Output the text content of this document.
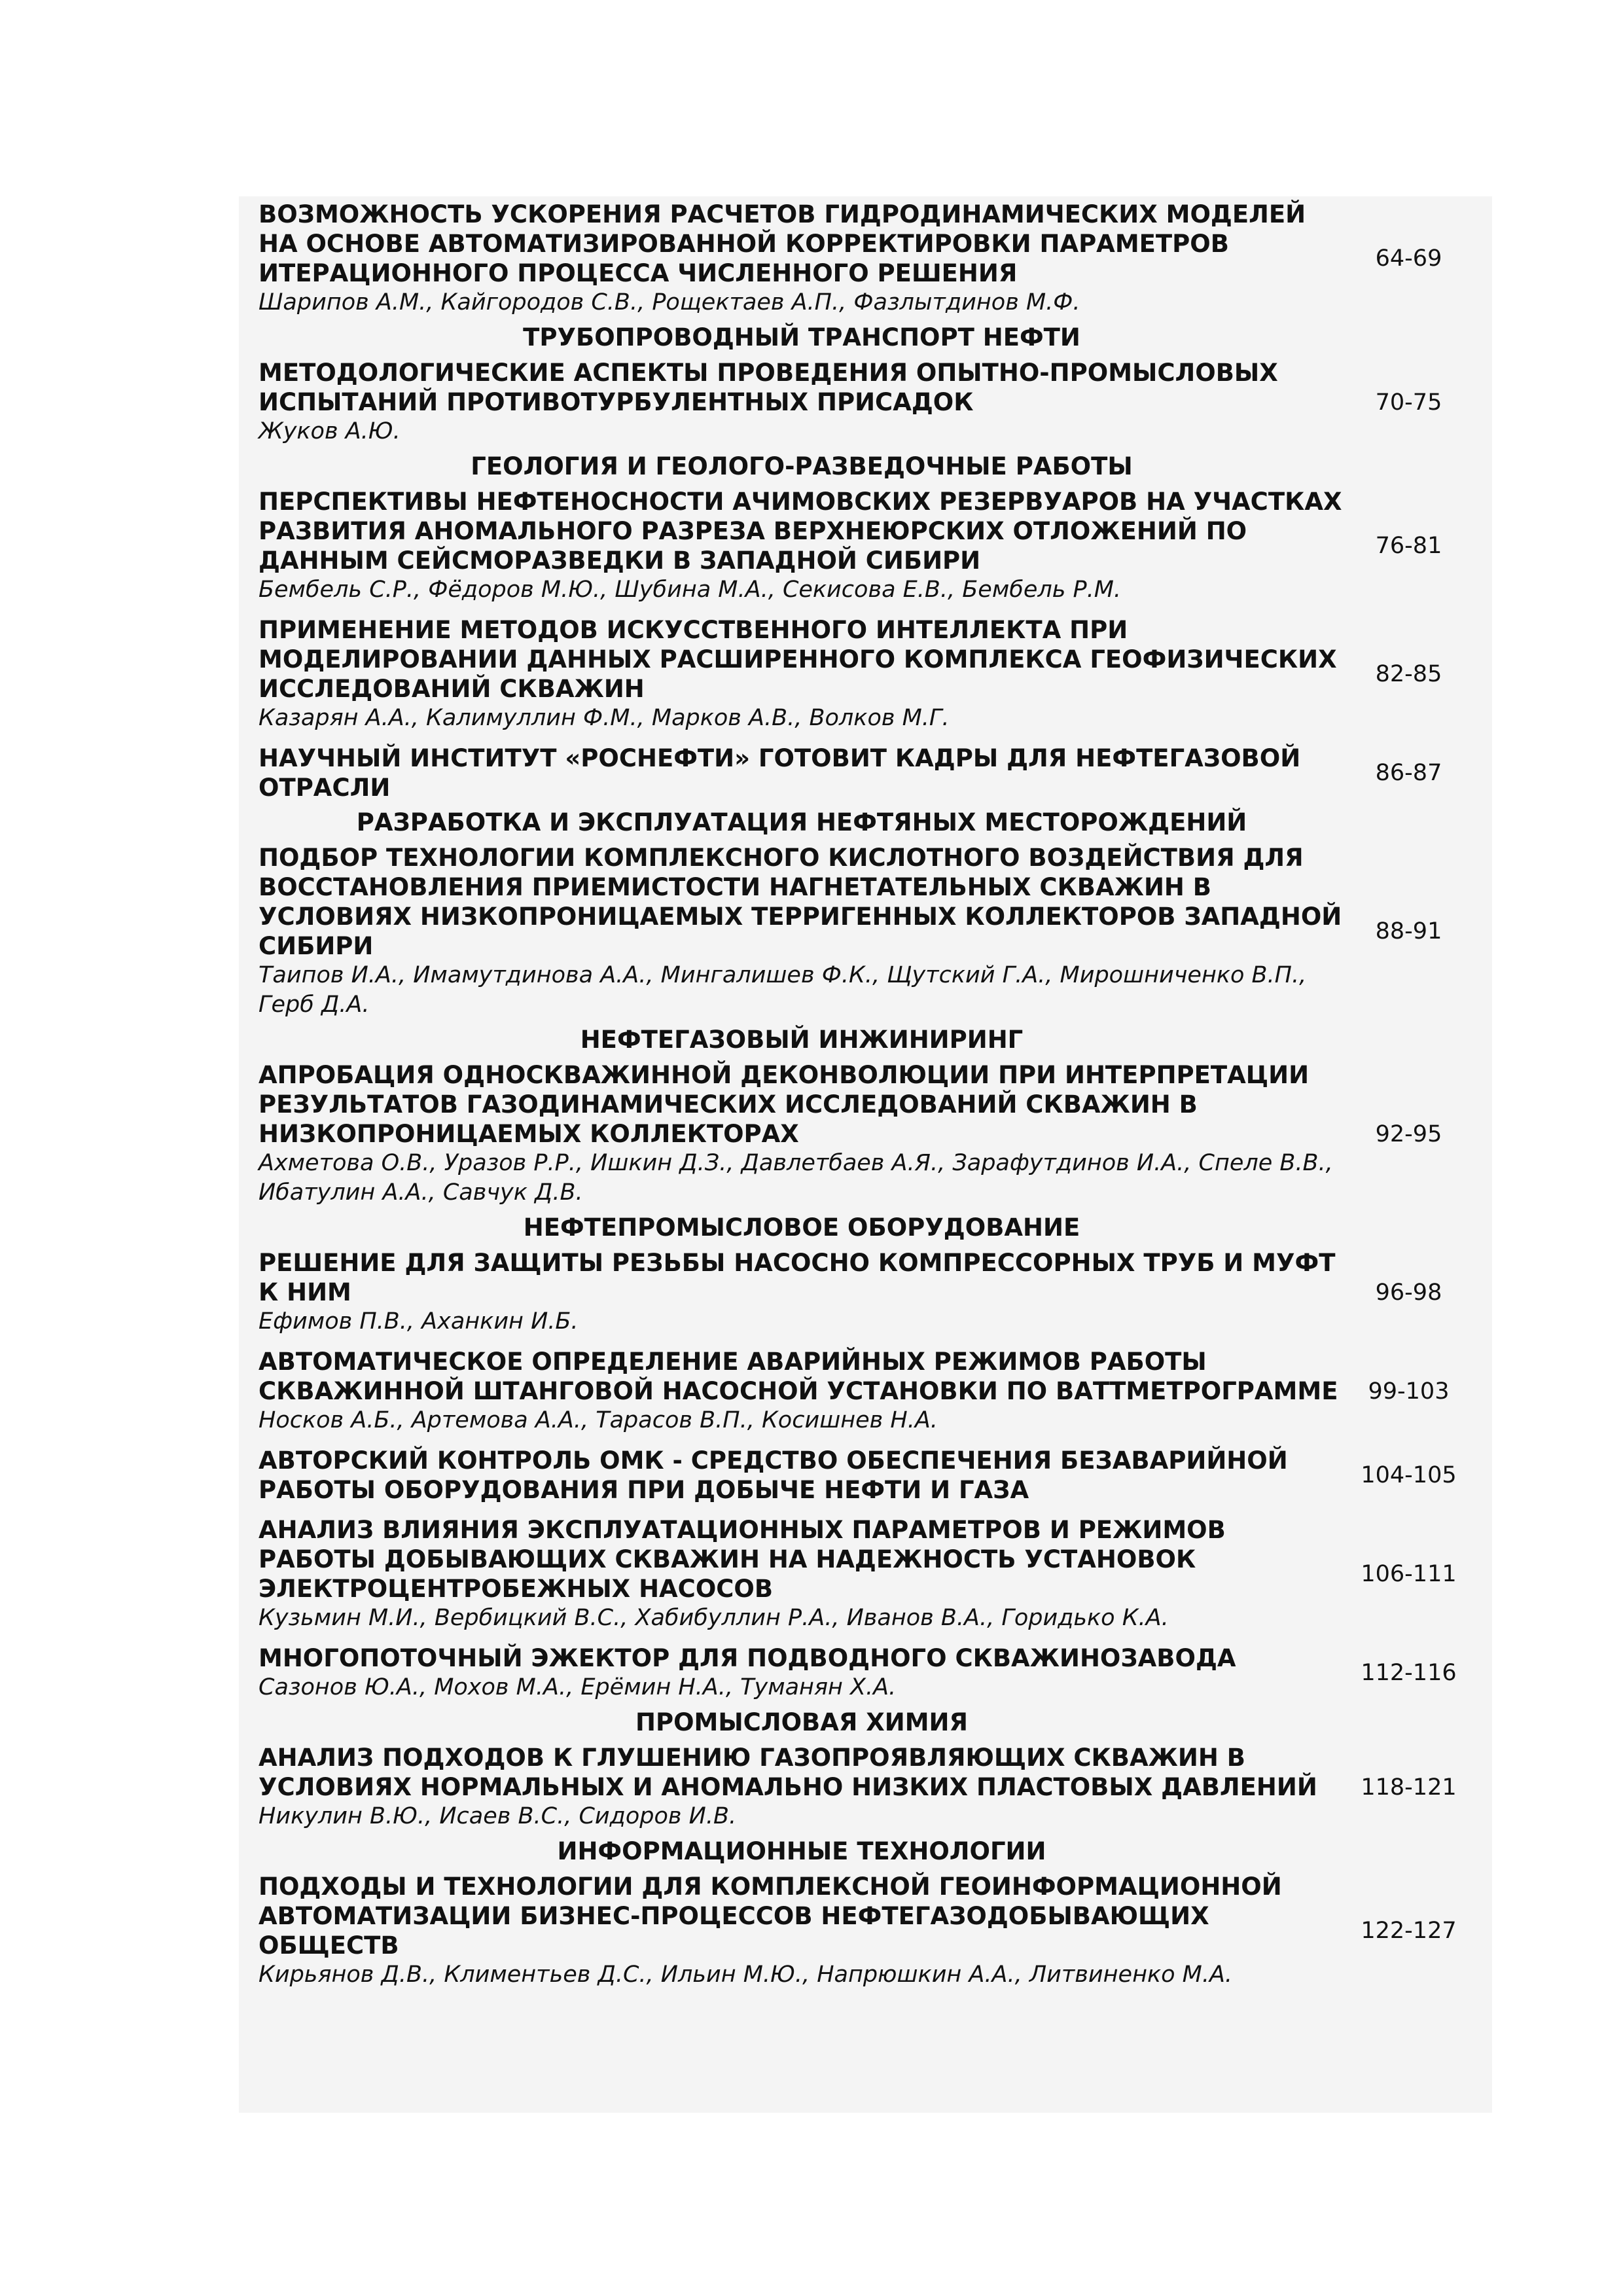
ВОЗМОЖНОСТЬ УСКОРЕНИЯ РАСЧЕТОВ ГИДРОДИНАМИЧЕСКИХ МОДЕЛЕЙ НА ОСНОВЕ АВТОМАТИЗИРОВАННОЙ КОРРЕКТИРОВКИ ПАРАМЕТРОВ ИТЕРАЦИОННОГО ПРОЦЕССА ЧИСЛЕННОГО РЕШЕНИЯ
Шарипов А.М., Кайгородов С.В., Рощектаев А.П., Фазлытдинов М.Ф.
64-69
ТРУБОПРОВОДНЫЙ ТРАНСПОРТ НЕФТИ
МЕТОДОЛОГИЧЕСКИЕ АСПЕКТЫ ПРОВЕДЕНИЯ ОПЫТНО-ПРОМЫСЛОВЫХ ИСПЫТАНИЙ ПРОТИВОТУРБУЛЕНТНЫХ ПРИСАДОК
Жуков А.Ю.
70-75
ГЕОЛОГИЯ И ГЕОЛОГО-РАЗВЕДОЧНЫЕ РАБОТЫ
ПЕРСПЕКТИВЫ НЕФТЕНОСНОСТИ АЧИМОВСКИХ РЕЗЕРВУАРОВ НА УЧАСТКАХ РАЗВИТИЯ АНОМАЛЬНОГО РАЗРЕЗА ВЕРХНЕЮРСКИХ ОТЛОЖЕНИЙ ПО ДАННЫМ СЕЙСМОРАЗВЕДКИ В ЗАПАДНОЙ СИБИРИ
Бембель С.Р., Фёдоров М.Ю., Шубина М.А., Секисова Е.В., Бембель Р.М.
76-81
ПРИМЕНЕНИЕ МЕТОДОВ ИСКУССТВЕННОГО ИНТЕЛЛЕКТА ПРИ МОДЕЛИРОВАНИИ ДАННЫХ РАСШИРЕННОГО КОМПЛЕКСА ГЕОФИЗИЧЕСКИХ ИССЛЕДОВАНИЙ СКВАЖИН
Казарян А.А., Калимуллин Ф.М., Марков А.В., Волков М.Г.
82-85
НАУЧНЫЙ ИНСТИТУТ «РОСНЕФТИ» ГОТОВИТ КАДРЫ ДЛЯ НЕФТЕГАЗОВОЙ ОТРАСЛИ
86-87
РАЗРАБОТКА И ЭКСПЛУАТАЦИЯ НЕФТЯНЫХ МЕСТОРОЖДЕНИЙ
ПОДБОР ТЕХНОЛОГИИ КОМПЛЕКСНОГО КИСЛОТНОГО ВОЗДЕЙСТВИЯ ДЛЯ ВОССТАНОВЛЕНИЯ ПРИЕМИСТОСТИ НАГНЕТАТЕЛЬНЫХ СКВАЖИН В УСЛОВИЯХ НИЗКОПРОНИЦАЕМЫХ ТЕРРИГЕННЫХ КОЛЛЕКТОРОВ ЗАПАДНОЙ СИБИРИ
Таипов И.А., Имамутдинова А.А., Мингалишев Ф.К., Щутский Г.А., Мирошниченко В.П., Герб Д.А.
88-91
НЕФТЕГАЗОВЫЙ ИНЖИНИРИНГ
АПРОБАЦИЯ ОДНОСКВАЖИННОЙ ДЕКОНВОЛЮЦИИ ПРИ ИНТЕРПРЕТАЦИИ РЕЗУЛЬТАТОВ ГАЗОДИНАМИЧЕСКИХ ИССЛЕДОВАНИЙ СКВАЖИН В НИЗКОПРОНИЦАЕМЫХ КОЛЛЕКТОРАХ
Ахметова О.В., Уразов Р.Р., Ишкин Д.З., Давлетбаев А.Я., Зарафутдинов И.А., Спеле В.В., Ибатулин А.А., Савчук Д.В.
92-95
НЕФТЕПРОМЫСЛОВОЕ ОБОРУДОВАНИЕ
РЕШЕНИЕ ДЛЯ ЗАЩИТЫ РЕЗЬБЫ НАСОСНО КОМПРЕССОРНЫХ ТРУБ И МУФТ К НИМ
Ефимов П.В., Аханкин И.Б.
96-98
АВТОМАТИЧЕСКОЕ ОПРЕДЕЛЕНИЕ АВАРИЙНЫХ РЕЖИМОВ РАБОТЫ СКВАЖИННОЙ ШТАНГОВОЙ НАСОСНОЙ УСТАНОВКИ ПО ВАТТМЕТРОГРАММЕ
Носков А.Б., Артемова А.А., Тарасов В.П., Косишнев Н.А.
99-103
АВТОРСКИЙ КОНТРОЛЬ ОМК - СРЕДСТВО ОБЕСПЕЧЕНИЯ БЕЗАВАРИЙНОЙ РАБОТЫ ОБОРУДОВАНИЯ ПРИ ДОБЫЧЕ НЕФТИ И ГАЗА
104-105
АНАЛИЗ ВЛИЯНИЯ ЭКСПЛУАТАЦИОННЫХ ПАРАМЕТРОВ И РЕЖИМОВ РАБОТЫ ДОБЫВАЮЩИХ СКВАЖИН НА НАДЕЖНОСТЬ УСТАНОВОК ЭЛЕКТРОЦЕНТРОБЕЖНЫХ НАСОСОВ
Кузьмин М.И., Вербицкий В.С., Хабибуллин Р.А., Иванов В.А., Горидько К.А.
106-111
МНОГОПОТОЧНЫЙ ЭЖЕКТОР ДЛЯ ПОДВОДНОГО СКВАЖИНОЗАВОДА
Сазонов Ю.А., Мохов М.А., Ерёмин Н.А., Туманян Х.А.
112-116
ПРОМЫСЛОВАЯ ХИМИЯ
АНАЛИЗ ПОДХОДОВ К ГЛУШЕНИЮ ГАЗОПРОЯВЛЯЮЩИХ СКВАЖИН В УСЛОВИЯХ НОРМАЛЬНЫХ И АНОМАЛЬНО НИЗКИХ ПЛАСТОВЫХ ДАВЛЕНИЙ
Никулин В.Ю., Исаев В.С., Сидоров И.В.
118-121
ИНФОРМАЦИОННЫЕ ТЕХНОЛОГИИ
ПОДХОДЫ И ТЕХНОЛОГИИ ДЛЯ КОМПЛЕКСНОЙ ГЕОИНФОРМАЦИОННОЙ АВТОМАТИЗАЦИИ БИЗНЕС-ПРОЦЕССОВ НЕФТЕГАЗОДОБЫВАЮЩИХ ОБЩЕСТВ
Кирьянов Д.В., Климентьев Д.С., Ильин М.Ю., Напрюшкин А.А., Литвиненко М.А.
122-127
